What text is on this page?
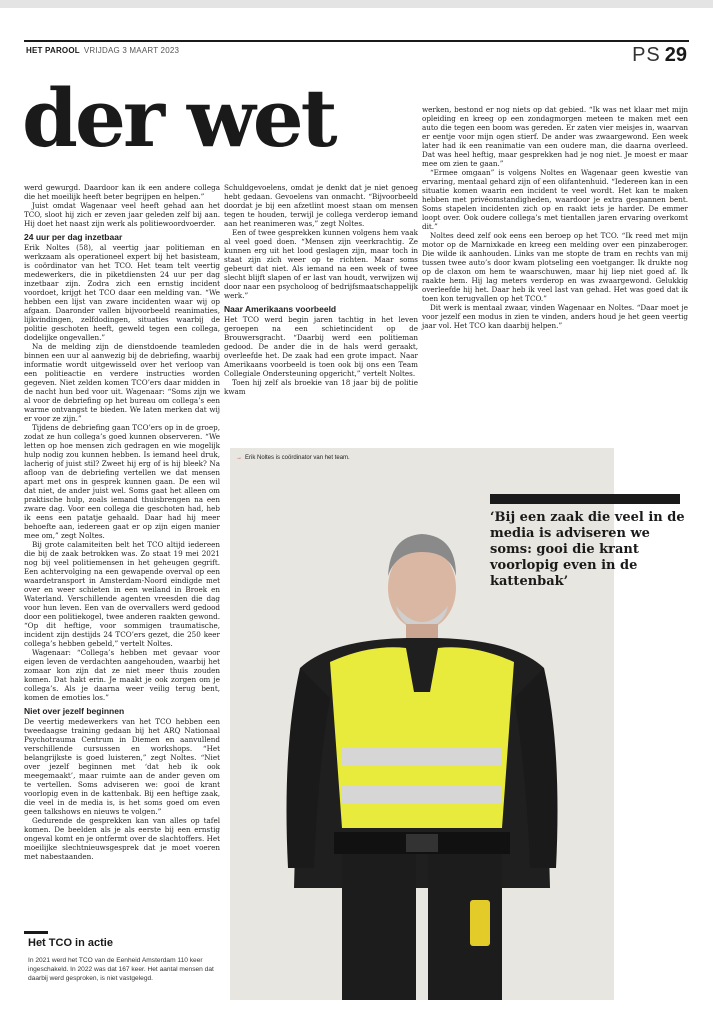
HET PAROOL VRIJDAG 3 MAART 2023	PS 29
der wet

werd gewurgd. Daardoor kan ik een andere collega die het moeilijk heeft beter begrijpen en helpen.”

Juist omdat Wagenaar veel heeft gehad aan het TCO, sloot hij zich er zeven jaar geleden zelf bij aan. Hij doet het naast zijn werk als politiewoordvoerder.

24 uur per dag inzetbaar

Erik Noltes (58), al veertig jaar politieman en werkzaam als operationeel expert bij het basisteam, is coördinator van het TCO. Het team telt veertig medewerkers, die in piketdiensten 24 uur per dag inzetbaar zijn. Zodra zich een ernstig incident voordoet, krijgt het TCO daar een melding van. “We hebben een lijst van zware incidenten waar wij op afgaan. Daaronder vallen bijvoorbeeld reanimaties, lijkvindingen, zelfdodingen, situaties waarbij de politie geschoten heeft, geweld tegen een collega, dodelijke ongevallen.”

Na de melding zijn de dienstdoende teamleden binnen een uur al aanwezig bij de debriefing, waarbij informatie wordt uitgewisseld over het verloop van een politieactie en verdere instructies worden gegeven. Niet zelden komen TCO’ers daar midden in de nacht hun bed voor uit. Wagenaar: “Soms zijn we al voor de debriefing op het bureau om collega’s een warme ontvangst te bieden. We laten merken dat wij er voor ze zijn.”

Tijdens de debriefing gaan TCO’ers op in de groep, zodat ze hun collega’s goed kunnen observeren. “We letten op hoe mensen zich gedragen en wie mogelijk hulp nodig zou kunnen hebben. Is iemand heel druk, lacherig of juist stil? Zweet hij erg of is hij bleek? Na afloop van de debriefing vertellen we dat mensen apart met ons in gesprek kunnen gaan. De een wil dat niet, de ander juist wel. Soms gaat het alleen om praktische hulp, zoals iemand thuisbrengen na een zware dag. Voor een collega die geschoten had, heb ik eens een patatje gehaald. Daar had hij meer behoefte aan, iedereen gaat er op zijn eigen manier mee om,” zegt Noltes.

Bij grote calamiteiten belt het TCO altijd iedereen die bij de zaak betrokken was. Zo staat 19 mei 2021 nog bij veel politiemensen in het geheugen gegrift. Een achtervolging na een gewapende overval op een waardetransport in Amsterdam-Noord eindigde met over en weer schieten in een weiland in Broek en Waterland. Verschillende agenten vreesden die dag voor hun leven. Een van de overvallers werd gedood door een politiekogel, twee anderen raakten gewond. “Op dit heftige, voor sommigen traumatische, incident zijn destijds 24 TCO’ers gezet, die 250 keer collega’s hebben gebeld,” vertelt Noltes.

Wagenaar: “Collega’s hebben met gevaar voor eigen leven de verdachten aangehouden, waarbij het zomaar kon zijn dat ze niet meer thuis zouden komen. Dat hakt erin. Je maakt je ook zorgen om je collega’s. Als je daarna weer veilig terug bent, komen de emoties los.”

Niet over jezelf beginnen

De veertig medewerkers van het TCO hebben een tweedaagse training gedaan bij het ARQ Nationaal Psychotrauma Centrum in Diemen en aanvullend verschillende cursussen en workshops. “Het belangrijkste is goed luisteren,” zegt Noltes. “Niet over jezelf beginnen met ‘dat heb ik ook meegemaakt’, maar ruimte aan de ander geven om te vertellen. Soms adviseren we: gooi de krant voorlopig even in de kattenbak. Bij een heftige zaak, die veel in de media is, is het soms goed om even geen talkshows en nieuws te volgen.”

Gedurende de gesprekken kan van alles op tafel komen. De beelden als je als eerste bij een ernstig ongeval komt en je ontfermt over de slachtoffers. Het moeilijke slechtnieuwsgesprek dat je moet voeren met nabestaanden.

Schuldgevoelens, omdat je denkt dat je niet genoeg hebt gedaan. Gevoelens van onmacht. “Bijvoorbeeld doordat je bij een afzetlint moest staan om mensen tegen te houden, terwijl je collega verderop iemand aan het reanimeren was,” zegt Noltes.

Een of twee gesprekken kunnen volgens hem vaak al veel goed doen. “Mensen zijn veerkrachtig. Ze kunnen erg uit het lood geslagen zijn, maar toch in staat zijn zich weer op te richten. Maar soms gebeurt dat niet. Als iemand na een week of twee slecht blijft slapen of er last van houdt, verwijzen wij door naar een psycholoog of bedrijfsmaatschappelijk werk.”

Naar Amerikaans voorbeeld

Het TCO werd begin jaren tachtig in het leven geroepen na een schietincident op de Brouwersgracht. “Daarbij werd een politieman gedood. De ander die in de hals werd geraakt, overleefde het. De zaak had een grote impact. Naar Amerikaans voorbeeld is toen ook bij ons een Team Collegiale Ondersteuning opgericht,” vertelt Noltes.

Toen hij zelf als broekie van 18 jaar bij de politie kwam

werken, bestond er nog niets op dat gebied. “Ik was net klaar met mijn opleiding en kreeg op een zondagmorgen meteen te maken met een auto die tegen een boom was gereden. Er zaten vier meisjes in, waarvan er eentje voor mijn ogen stierf. De ander was zwaargewond. Een week later had ik een reanimatie van een oudere man, die daarna overleed. Dat was heel heftig, maar gesprekken had je nog niet. Je moest er maar mee om zien te gaan.”

“Ermee omgaan” is volgens Noltes en Wagenaar geen kwestie van ervaring, mentaal gehard zijn of een olifantenhuid. “Iedereen kan in een situatie komen waarin een incident te veel wordt. Het kan te maken hebben met privéomstandigheden, waardoor je extra gespannen bent. Soms stapelen incidenten zich op en raakt iets je harder. De emmer loopt over. Ook oudere collega’s met tientallen jaren ervaring overkomt dit.”

Noltes deed zelf ook eens een beroep op het TCO. “Ik reed met mijn motor op de Marnixkade en kreeg een melding over een pinzaberoger. Die wilde ik aanhouden. Links van me stopte de tram en rechts van mij tussen twee auto’s door kwam plotseling een voetganger. Ik drukte nog op de claxon om hem te waarschuwen, maar hij liep niet goed af. Ik raakte hem. Hij lag meters verderop en was zwaargewond. Gelukkig overleefde hij het. Daar heb ik veel last van gehad. Het was goed dat ik toen kon terugvallen op het TCO.”

Dit werk is mentaal zwaar, vinden Wagenaar en Noltes. “Daar moet je voor jezelf een modus in zien te vinden, anders houd je het geen veertig jaar vol. Het TCO kan daarbij helpen.”

→ Erik Noltes is coördinator van het team.
‘Bij een zaak die veel in de media is adviseren we soms: gooi die krant voorlopig even in de kattenbak’
Het TCO in actie
In 2021 werd het TCO van de Eenheid Amsterdam 110 keer ingeschakeld. In 2022 was dat 167 keer. Het aantal mensen dat daarbij werd gesproken, is niet vastgelegd.
